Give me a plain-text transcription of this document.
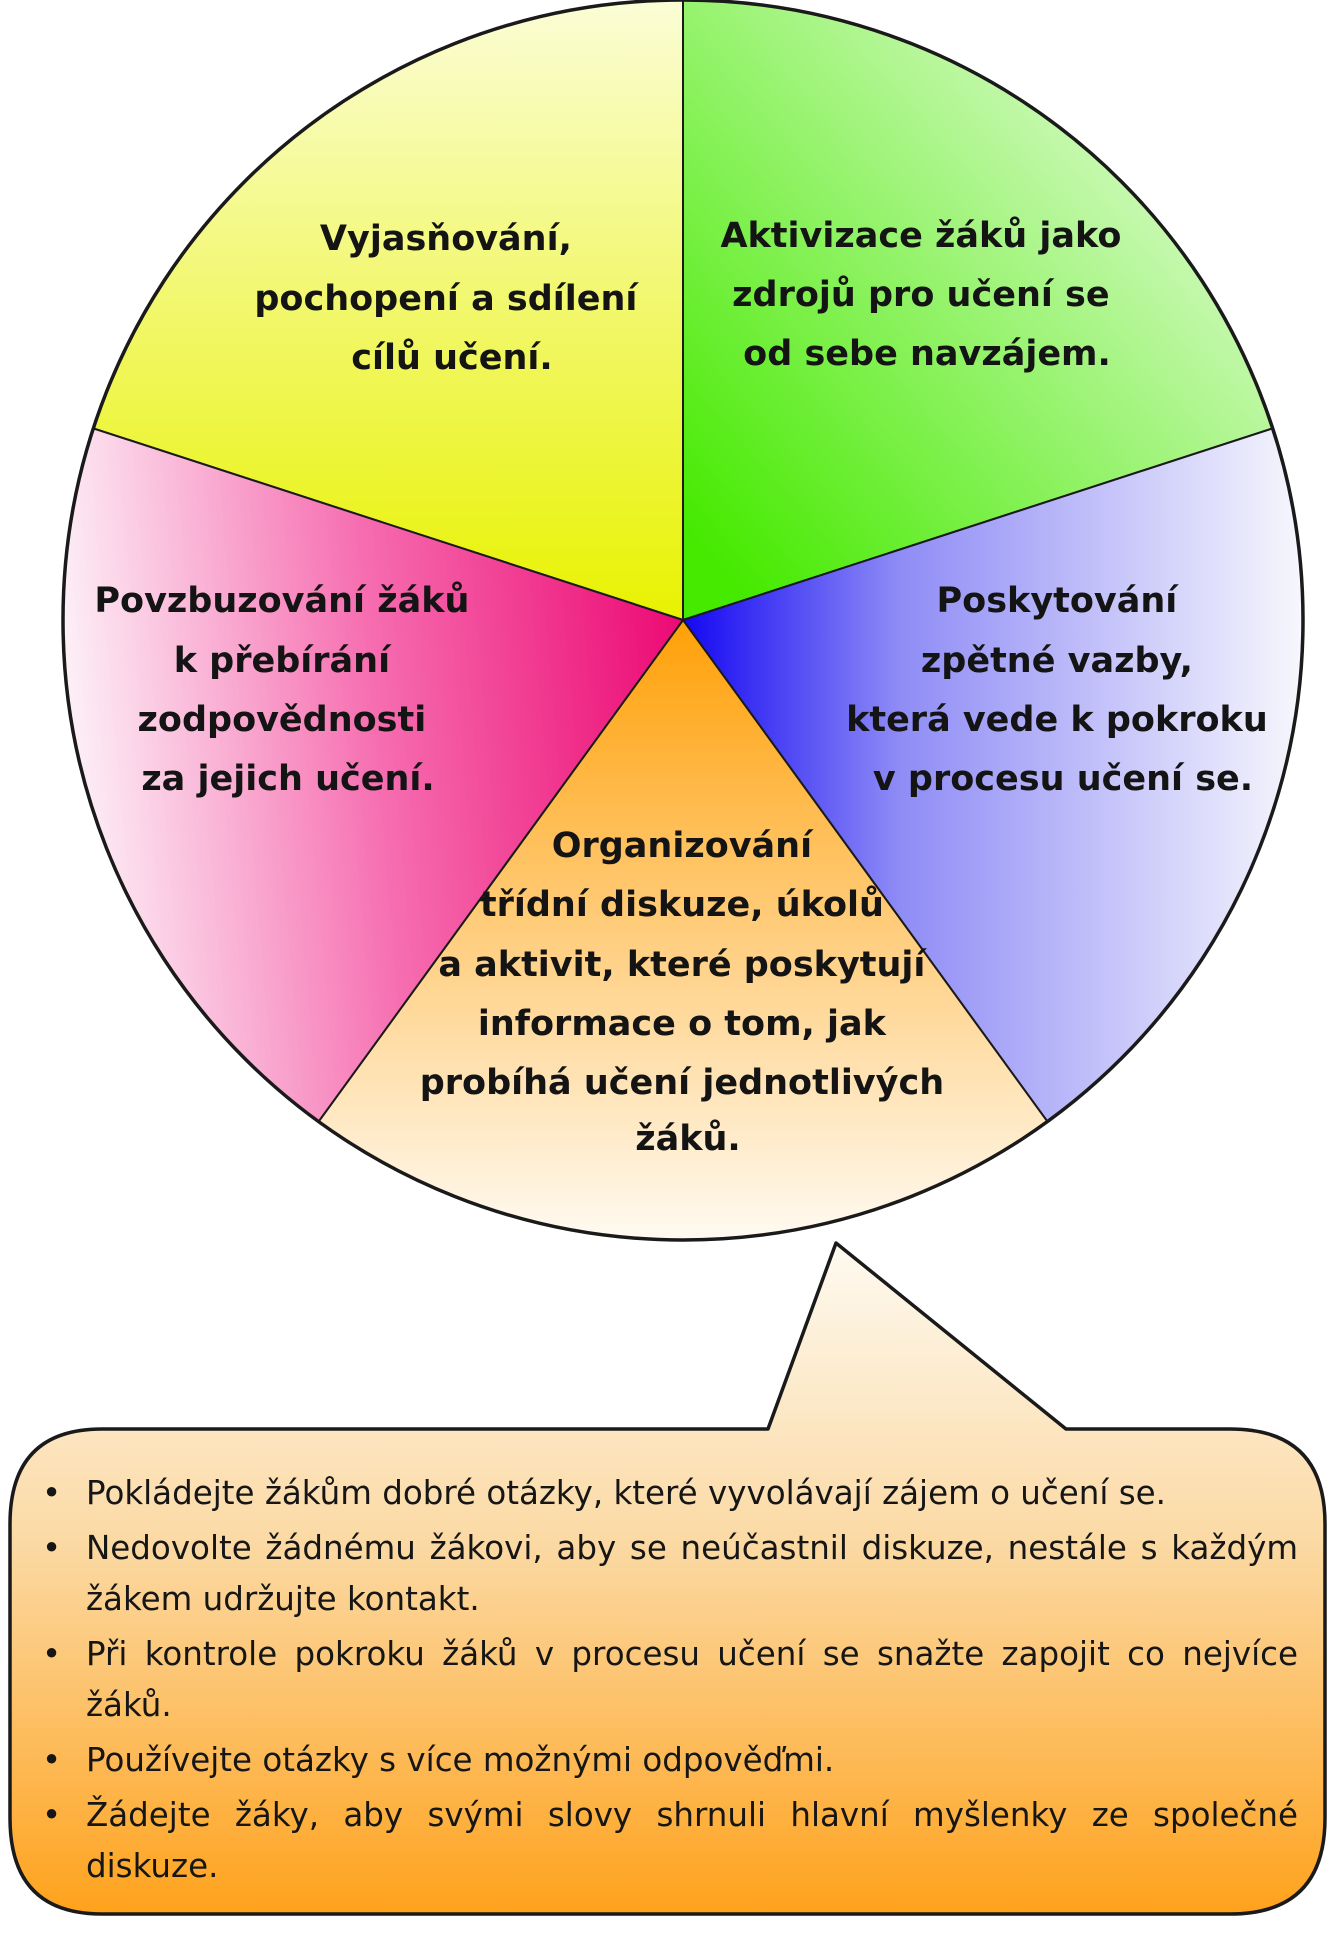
Vyjasňování, pochopení a sdílení cílů učení.
Aktivizace žáků jako zdrojů pro učení se od sebe navzájem.
Poskytování zpětné vazby, která vede k pokroku v procesu učení se.
Organizování třídní diskuze, úkolů a aktivit, které poskytují informace o tom, jak probíhá učení jednotlivých žáků.
Povzbuzování žáků k přebírání zodpovědnosti za jejich učení.
• Pokládejte žákům dobré otázky, které vyvolávají zájem o učení se.
• Nedovolte žádnému žákovi, aby se neúčastnil diskuze, nestále s každým žákem udržujte kontakt.
• Při kontrole pokroku žáků v procesu učení se snažte zapojit co nejvíce žáků.
• Používejte otázky s více možnými odpověďmi.
• Žádejte žáky, aby svými slovy shrnuli hlavní myšlenky ze společné diskuze.
